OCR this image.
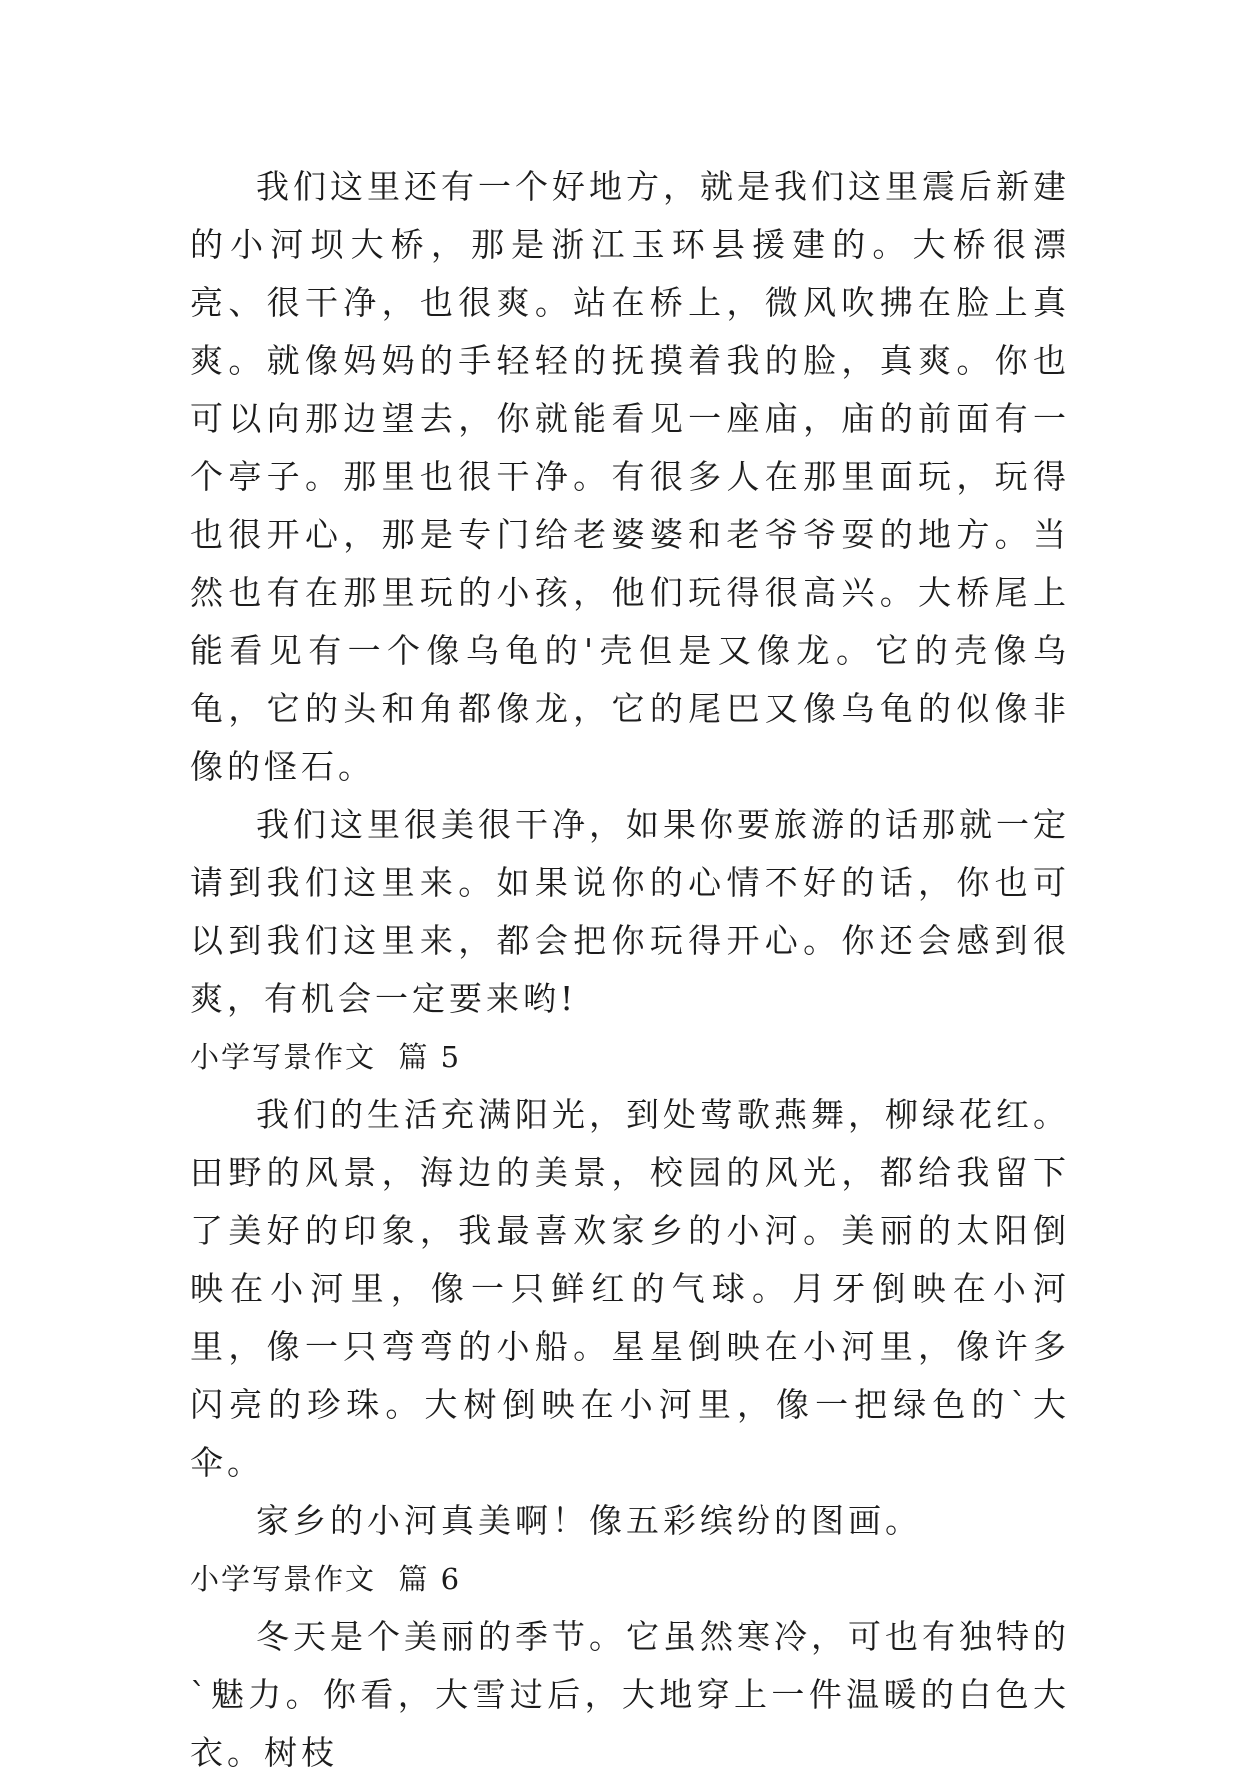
我们这里还有一个好地方，就是我们这里震后新建的小河坝大桥，那是浙江玉环县援建的。大桥很漂亮、很干净，也很爽。站在桥上，微风吹拂在脸上真爽。就像妈妈的手轻轻的抚摸着我的脸，真爽。你也可以向那边望去，你就能看见一座庙，庙的前面有一个亭子。那里也很干净。有很多人在那里面玩，玩得也很开心，那是专门给老婆婆和老爷爷耍的地方。当然也有在那里玩的小孩，他们玩得很高兴。大桥尾上能看见有一个像乌龟的'壳但是又像龙。它的壳像乌龟，它的头和角都像龙，它的尾巴又像乌龟的似像非像的怪石。

我们这里很美很干净，如果你要旅游的话那就一定请到我们这里来。如果说你的心情不好的话，你也可以到我们这里来，都会把你玩得开心。你还会感到很爽，有机会一定要来哟!

小学写景作文  篇 5

我们的生活充满阳光，到处莺歌燕舞，柳绿花红。田野的风景，海边的美景，校园的风光，都给我留下了美好的印象，我最喜欢家乡的小河。美丽的太阳倒映在小河里，像一只鲜红的气球。月牙倒映在小河里，像一只弯弯的小船。星星倒映在小河里，像许多闪亮的珍珠。大树倒映在小河里，像一把绿色的`大伞。

家乡的小河真美啊！像五彩缤纷的图画。

小学写景作文  篇 6

冬天是个美丽的季节。它虽然寒冷，可也有独特的`魅力。你看，大雪过后，大地穿上一件温暖的白色大衣。树枝
